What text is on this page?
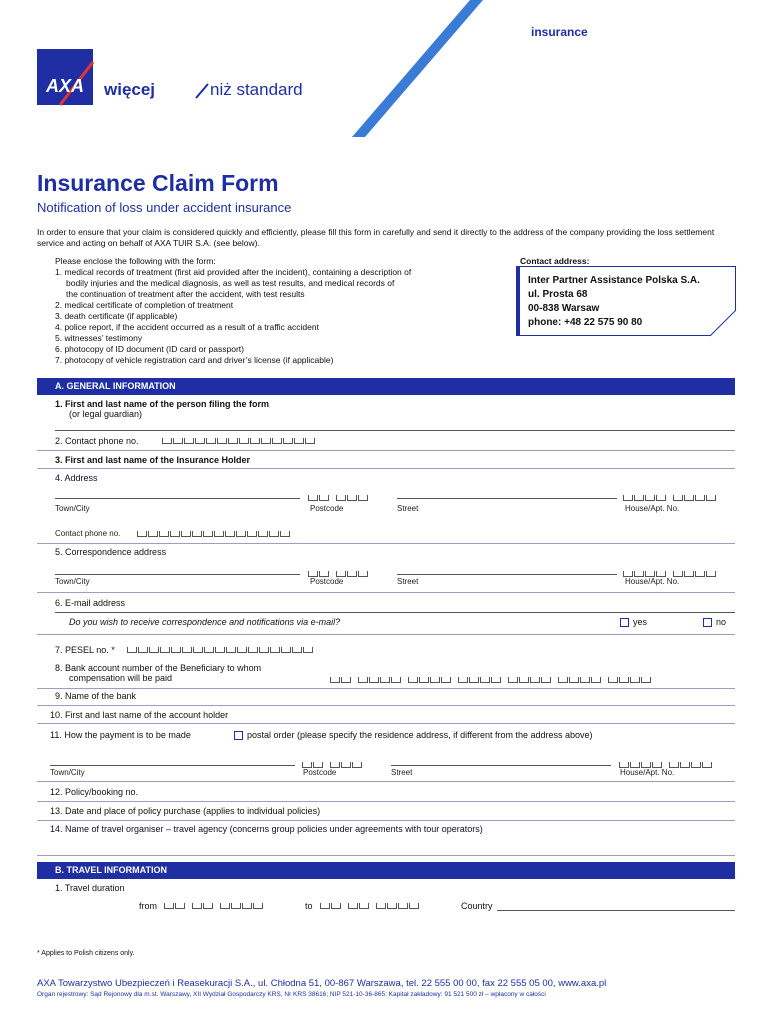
AXA
insurance
więcej	niż standard
Insurance Claim Form
Notification of loss under accident insurance
In order to ensure that your claim is considered quickly and efficiently, please fill this form in carefully and send it directly to the address of the company providing the loss settlement service and acting on behalf of AXA TUIR S.A. (see below).
Please enclose the following with the form:
1. medical records of treatment (first aid provided after the incident), containing a description of
bodily injuries and the medical diagnosis, as well as test results, and medical records of
the continuation of treatment after the accident, with test results
2. medical certificate of completion of treatment
3. death certificate (if applicable)
4. police report, if the accident occurred as a result of a traffic accident
5. witnesses’ testimony
6. photocopy of ID document (ID card or passport)
7. photocopy of vehicle registration card and driver’s license (if applicable)
Contact address:
Inter Partner Assistance Polska S.A.
ul. Prosta 68
00-838 Warsaw
phone: +48 22 575 90 80
A. GENERAL INFORMATION
1. First and last name of the person filing the form
(or legal guardian)
2. Contact phone no.
3. First and last name of the Insurance Holder
4. Address
Town/City	Postcode	Street	House/Apt. No.
Contact phone no.
5. Correspondence address
Town/City	Postcode	Street	House/Apt. No.
6. E-mail address
Do you wish to receive correspondence and notifications via e-mail?	yes	no
7. PESEL no. *
8. Bank account number of the Beneficiary to whom
compensation will be paid
9. Name of the bank
10. First and last name of the account holder
11. How the payment is to be made	postal order (please specify the residence address, if different from the address above)
Town/City	Postcode	Street	House/Apt. No.
12. Policy/booking no.
13. Date and place of policy purchase (applies to individual policies)
14. Name of travel organiser – travel agency (concerns group policies under agreements with tour operators)
B. TRAVEL INFORMATION
1. Travel duration
from	to	Country
* Applies to Polish citizens only.
AXA Towarzystwo Ubezpieczeń i Reasekuracji S.A., ul. Chłodna 51, 00-867 Warszawa, tel. 22 555 00 00, fax 22 555 05 00, www.axa.pl
Organ rejestrowy: Sąd Rejonowy dla m.st. Warszawy, XII Wydział Gospodarczy KRS, Nr KRS 38616; NIP 521-10-36-865; Kapitał zakładowy: 91 521 500 zł – wpłacony w całości
